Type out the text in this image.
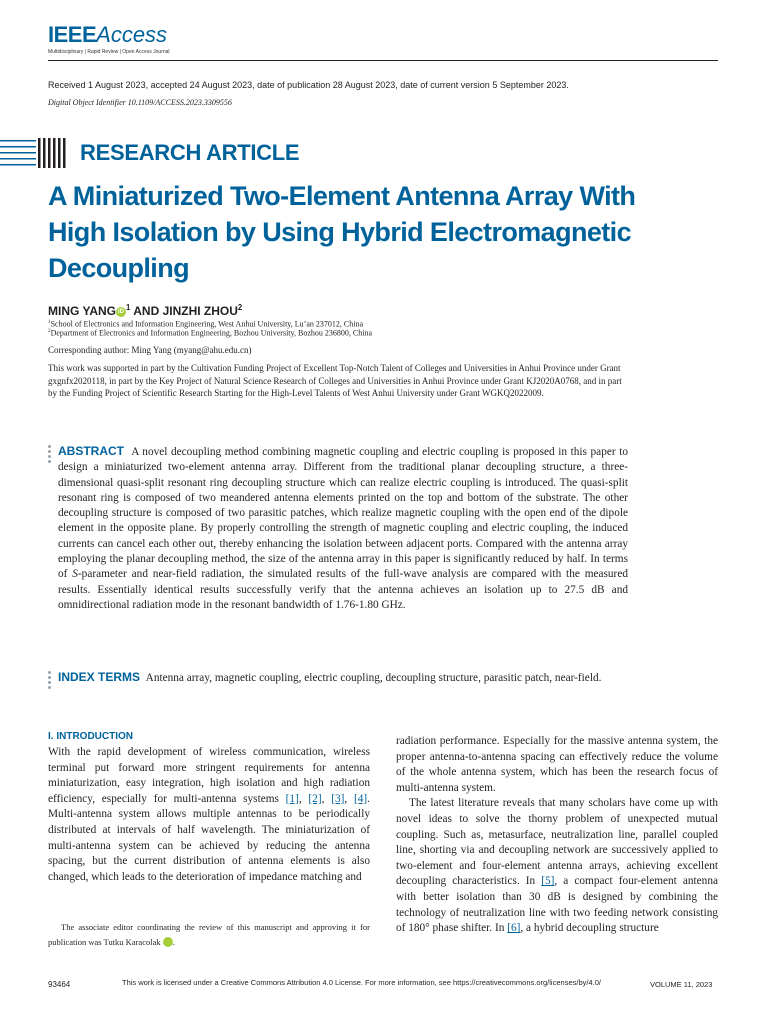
IEEEAccess
Multidisciplinary | Rapid Review | Open Access Journal
Received 1 August 2023, accepted 24 August 2023, date of publication 28 August 2023, date of current version 5 September 2023.
Digital Object Identifier 10.1109/ACCESS.2023.3309556
RESEARCH ARTICLE
A Miniaturized Two-Element Antenna Array With High Isolation by Using Hybrid Electromagnetic Decoupling
MING YANG iD $^1$ AND JINZHI ZHOU$^2$
$^1$School of Electronics and Information Engineering, West Anhui University, Lu’an 237012, China
$^2$Department of Electronics and Information Engineering, Bozhou University, Bozhou 236800, China
Corresponding author: Ming Yang (myang@ahu.edu.cn)
This work was supported in part by the Cultivation Funding Project of Excellent Top-Notch Talent of Colleges and Universities in Anhui Province under Grant gxgnfx2020118, in part by the Key Project of Natural Science Research of Colleges and Universities in Anhui Province under Grant KJ2020A0768, and in part by the Funding Project of Scientific Research Starting for the High-Level Talents of West Anhui University under Grant WGKQ2022009.
ABSTRACT A novel decoupling method combining magnetic coupling and electric coupling is proposed in this paper to design a miniaturized two-element antenna array. Different from the traditional planar decoupling structure, a three-dimensional quasi-split resonant ring decoupling structure which can realize electric coupling is introduced. The quasi-split resonant ring is composed of two meandered antenna elements printed on the top and bottom of the substrate. The other decoupling structure is composed of two parasitic patches, which realize magnetic coupling with the open end of the dipole element in the opposite plane. By properly controlling the strength of magnetic coupling and electric coupling, the induced currents can cancel each other out, thereby enhancing the isolation between adjacent ports. Compared with the antenna array employing the planar decoupling method, the size of the antenna array in this paper is significantly reduced by half. In terms of S-parameter and near-field radiation, the simulated results of the full-wave analysis are compared with the measured results. Essentially identical results successfully verify that the antenna achieves an isolation up to 27.5 dB and omnidirectional radiation mode in the resonant bandwidth of 1.76-1.80 GHz.
INDEX TERMS Antenna array, magnetic coupling, electric coupling, decoupling structure, parasitic patch, near-field.
I. INTRODUCTION

With the rapid development of wireless communication, wireless terminal put forward more stringent requirements for antenna miniaturization, easy integration, high isolation and high radiation efficiency, especially for multi-antenna systems [1], [2], [3], [4]. Multi-antenna system allows multiple antennas to be periodically distributed at intervals of half wavelength. The miniaturization of multi-antenna system can be achieved by reducing the antenna spacing, but the current distribution of antenna elements is also changed, which leads to the deterioration of impedance matching and

radiation performance. Especially for the massive antenna system, the proper antenna-to-antenna spacing can effectively reduce the volume of the whole antenna system, which has been the research focus of multi-antenna system.

The latest literature reveals that many scholars have come up with novel ideas to solve the thorny problem of unexpected mutual coupling. Such as, metasurface, neutralization line, parallel coupled line, shorting via and decoupling network are successively applied to two-element and four-element antenna arrays, achieving excellent decoupling characteristics. In [5], a compact four-element antenna with better isolation than 30 dB is designed by combining the technology of neutralization line with two feeding network consisting of 180° phase shifter. In [6], a hybrid decoupling structure

The associate editor coordinating the review of this manuscript and approving it for publication was Tutku Karacolak	iD.

93464	This work is licensed under a Creative Commons Attribution 4.0 License. For more information, see https://creativecommons.org/licenses/by/4.0/	VOLUME 11, 2023
